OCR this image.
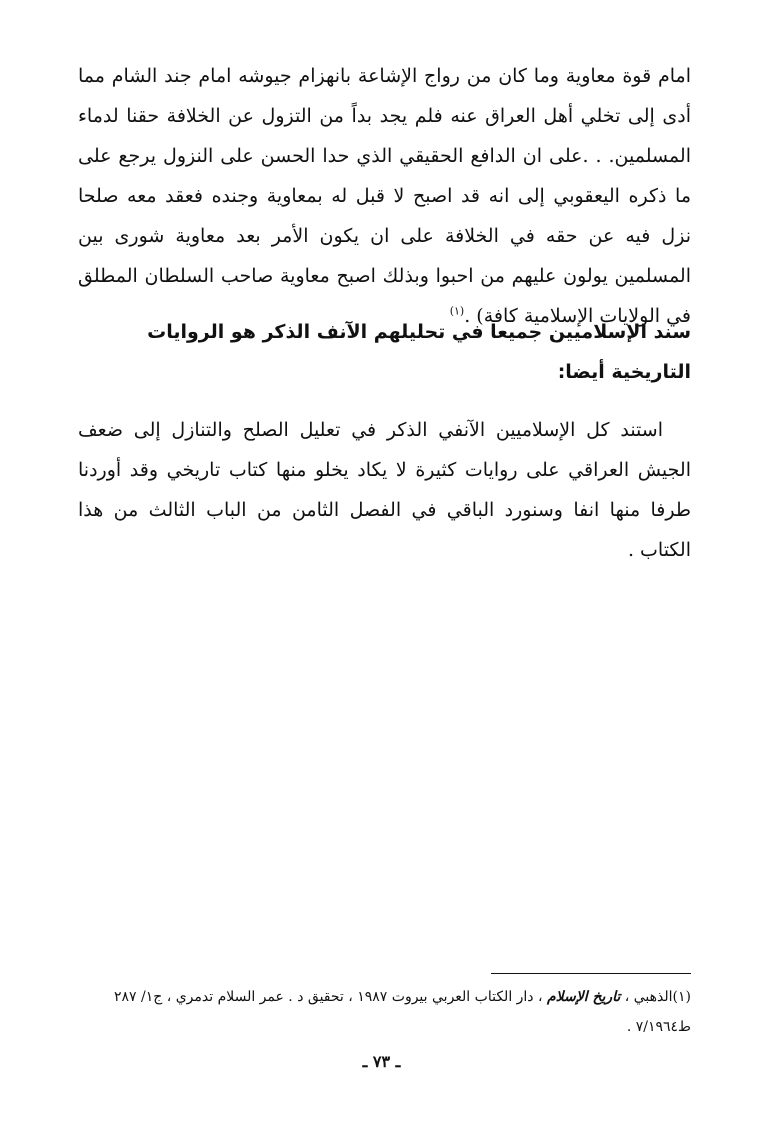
امام قوة معاوية وما كان من رواج الإشاعة بانهزام جيوشه امام جند الشام مما أدى إلى تخلي أهل العراق عنه فلم يجد بداً من التزول عن الخلافة حقنا لدماء المسلمين. . .على ان الدافع الحقيقي الذي حدا الحسن على النزول يرجع على ما ذكره اليعقوبي إلى انه قد اصبح لا قبل له بمعاوية وجنده فعقد معه صلحا نزل فيه عن حقه في الخلافة على ان يكون الأمر بعد معاوية شورى بين المسلمين يولون عليهم من احبوا وبذلك اصبح معاوية صاحب السلطان المطلق في الولايات الإسلامية كافة) .$^{(١)}$

سند الإسلاميين جميعا في تحليلهم الآنف الذكر هو الروايات التاريخية أيضا:

استند كل الإسلاميين الآنفي الذكر في تعليل الصلح والتنازل إلى ضعف الجيش العراقي على روايات كثيرة لا يكاد يخلو منها كتاب تاريخي وقد أوردنا طرفا منها انفا وسنورد الباقي في الفصل الثامن من الباب الثالث من هذا الكتاب .

(١)الذهبي ، تاريخ الإسلام ، دار الكتاب العربي بيروت ١٩٨٧ ، تحقيق د . عمر السلام تدمري ، ج١/ ٢٨٧ ط٧/١٩٦٤ .

ـ ٧٣ ـ
